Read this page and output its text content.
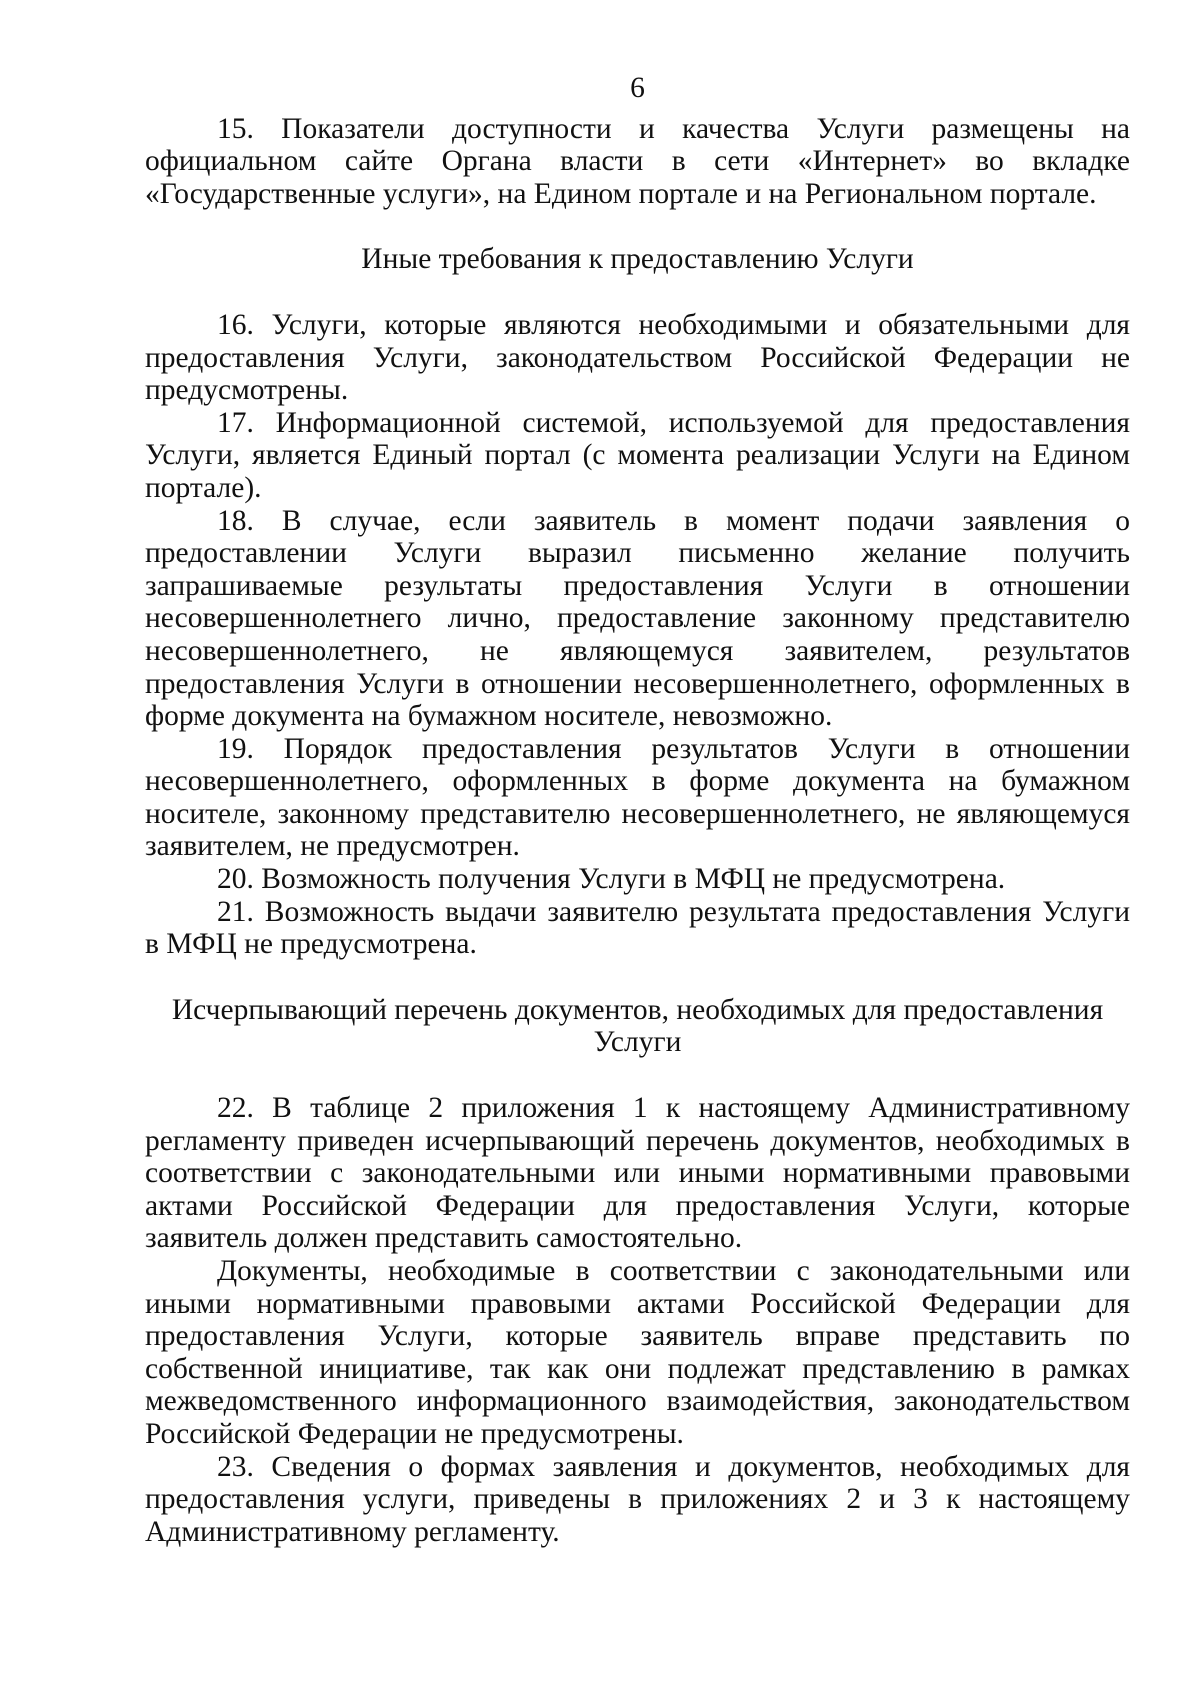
6

15. Показатели доступности и качества Услуги размещены на официальном сайте Органа власти в сети «Интернет» во вкладке «Государственные услуги», на Едином портале и на Региональном портале.

Иные требования к предоставлению Услуги

16. Услуги, которые являются необходимыми и обязательными для предоставления Услуги, законодательством Российской Федерации не предусмотрены.

17. Информационной системой, используемой для предоставления Услуги, является Единый портал (с момента реализации Услуги на Едином портале).

18. В случае, если заявитель в момент подачи заявления о предоставлении Услуги выразил письменно желание получить запрашиваемые результаты предоставления Услуги в отношении несовершеннолетнего лично, предоставление законному представителю несовершеннолетнего, не являющемуся заявителем, результатов предоставления Услуги в отношении несовершеннолетнего, оформленных в форме документа на бумажном носителе, невозможно.

19. Порядок предоставления результатов Услуги в отношении несовершеннолетнего, оформленных в форме документа на бумажном носителе, законному представителю несовершеннолетнего, не являющемуся заявителем, не предусмотрен.

20. Возможность получения Услуги в МФЦ не предусмотрена.

21. Возможность выдачи заявителю результата предоставления Услуги в МФЦ не предусмотрена.

Исчерпывающий перечень документов, необходимых для предоставления

Услуги

22. В таблице 2 приложения 1 к настоящему Административному регламенту приведен исчерпывающий перечень документов, необходимых в соответствии с законодательными или иными нормативными правовыми актами Российской Федерации для предоставления Услуги, которые заявитель должен представить самостоятельно.

Документы, необходимые в соответствии с законодательными или иными нормативными правовыми актами Российской Федерации для предоставления Услуги, которые заявитель вправе представить по собственной инициативе, так как они подлежат представлению в рамках межведомственного информационного взаимодействия, законодательством Российской Федерации не предусмотрены.

23. Сведения о формах заявления и документов, необходимых для предоставления услуги, приведены в приложениях 2 и 3 к настоящему Административному регламенту.
